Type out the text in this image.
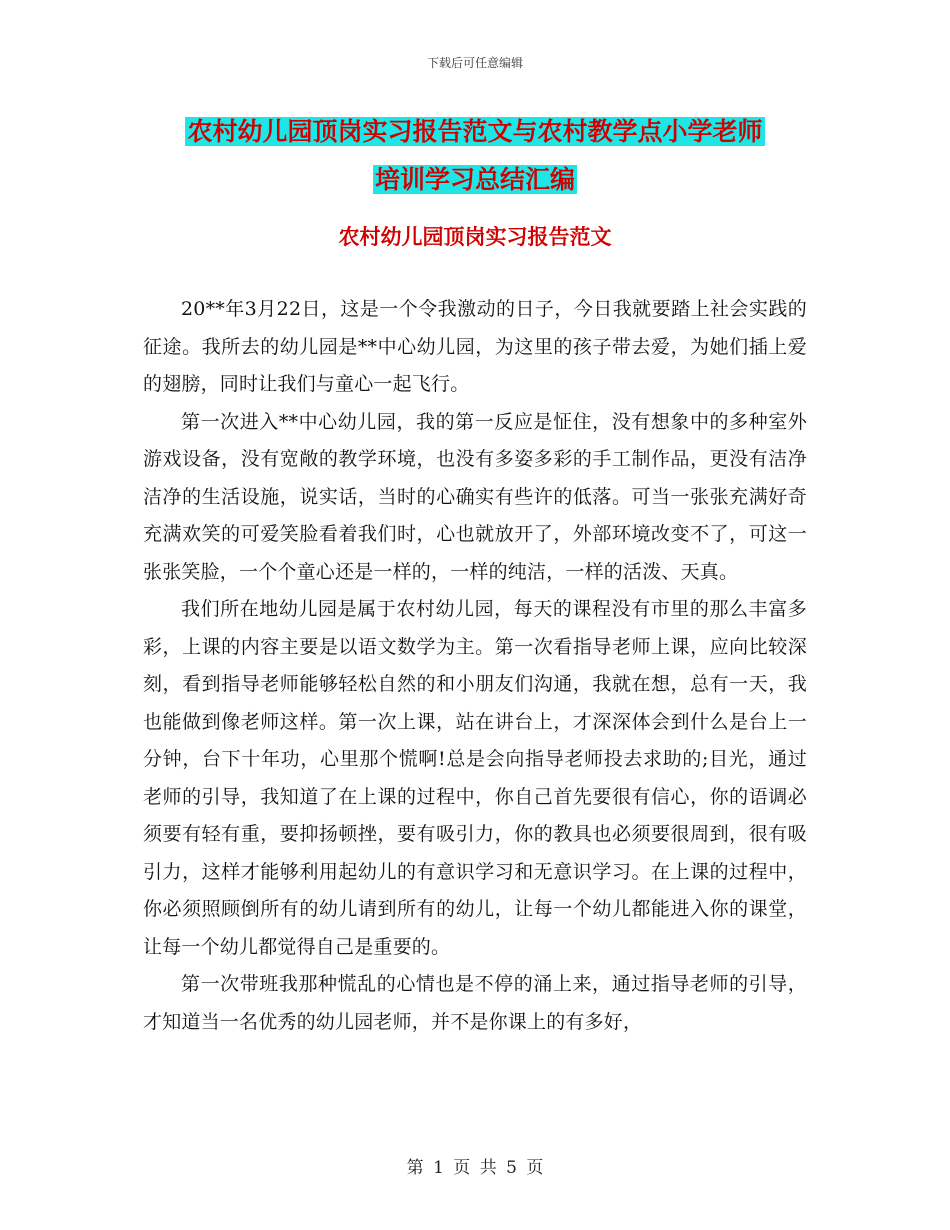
下载后可任意编辑
农村幼儿园顶岗实习报告范文与农村教学点小学老师
培训学习总结汇编
农村幼儿园顶岗实习报告范文

20**年3月22日，这是一个令我激动的日子，今日我就要踏上社会实践的征途。我所去的幼儿园是**中心幼儿园，为这里的孩子带去爱，为她们插上爱的翅膀，同时让我们与童心一起飞行。

第一次进入**中心幼儿园，我的第一反应是怔住，没有想象中的多种室外游戏设备，没有宽敞的教学环境，也没有多姿多彩的手工制作品，更没有洁净洁净的生活设施，说实话，当时的心确实有些许的低落。可当一张张充满好奇充满欢笑的可爱笑脸看着我们时，心也就放开了，外部环境改变不了，可这一张张笑脸，一个个童心还是一样的，一样的纯洁，一样的活泼、天真。

我们所在地幼儿园是属于农村幼儿园，每天的课程没有市里的那么丰富多彩，上课的内容主要是以语文数学为主。第一次看指导老师上课，应向比较深刻，看到指导老师能够轻松自然的和小朋友们沟通，我就在想，总有一天，我也能做到像老师这样。第一次上课，站在讲台上，才深深体会到什么是台上一分钟，台下十年功，心里那个慌啊!总是会向指导老师投去求助的;目光，通过老师的引导，我知道了在上课的过程中，你自己首先要很有信心，你的语调必须要有轻有重，要抑扬顿挫，要有吸引力，你的教具也必须要很周到，很有吸引力，这样才能够利用起幼儿的有意识学习和无意识学习。在上课的过程中，你必须照顾倒所有的幼儿请到所有的幼儿，让每一个幼儿都能进入你的课堂，让每一个幼儿都觉得自己是重要的。

第一次带班我那种慌乱的心情也是不停的涌上来，通过指导老师的引导，才知道当一名优秀的幼儿园老师，并不是你课上的有多好，

第 1 页 共 5 页
